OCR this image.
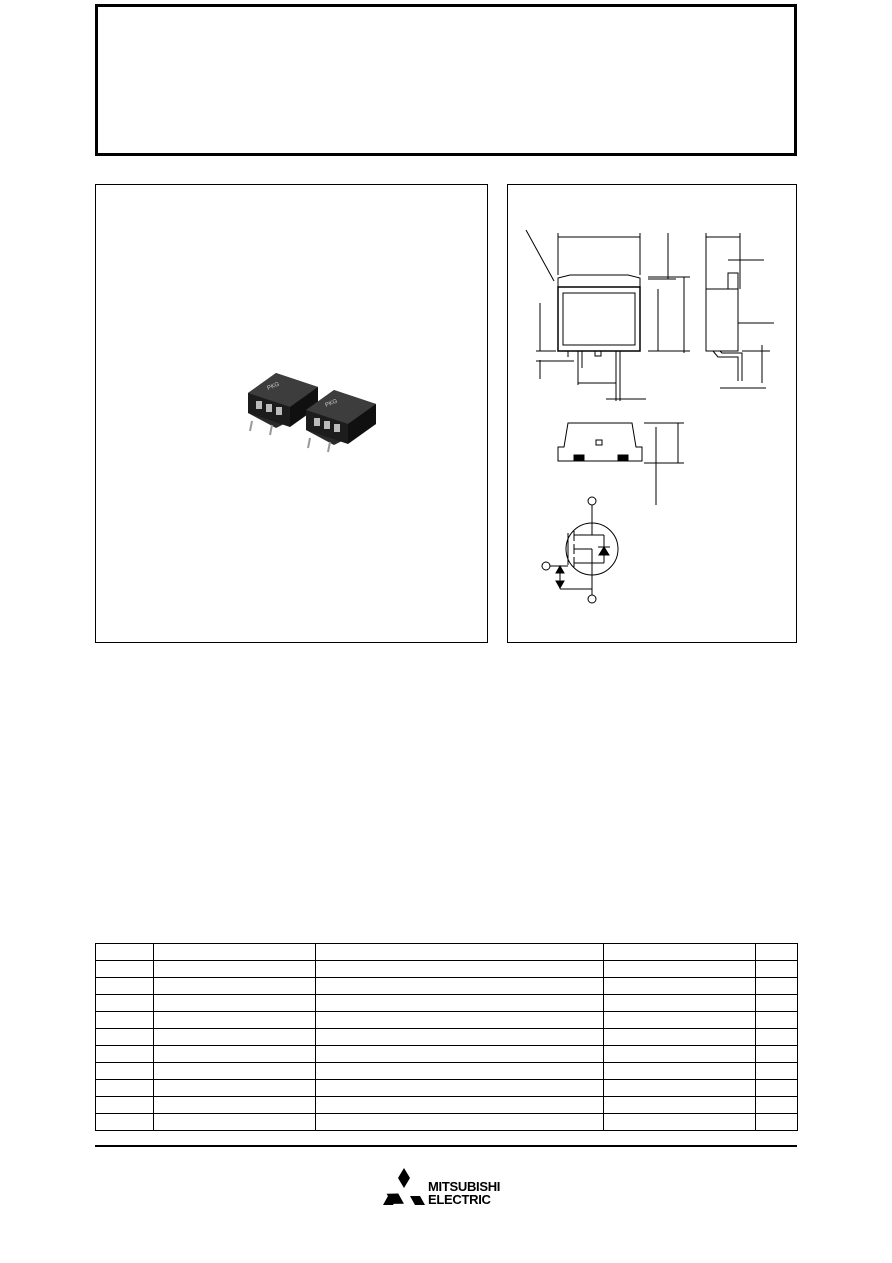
PKG
PKG

MITSUBISHI
ELECTRIC
